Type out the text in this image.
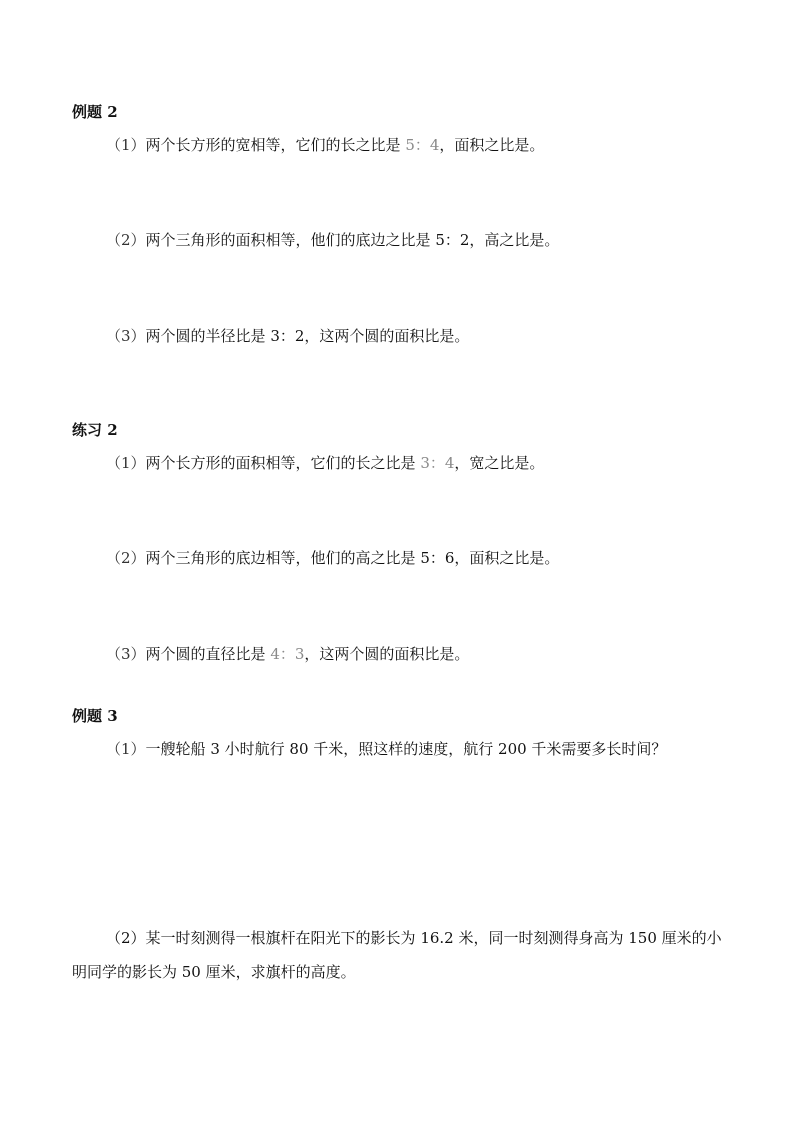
例题 2
（1）两个长方形的宽相等，它们的长之比是 5：4，面积之比是。
（2）两个三角形的面积相等，他们的底边之比是 5：2，高之比是。
（3）两个圆的半径比是 3：2，这两个圆的面积比是。
练习 2
（1）两个长方形的面积相等，它们的长之比是 3：4，宽之比是。
（2）两个三角形的底边相等，他们的高之比是 5：6，面积之比是。
（3）两个圆的直径比是 4：3，这两个圆的面积比是。
例题 3
（1）一艘轮船 3 小时航行 80 千米，照这样的速度，航行 200 千米需要多长时间？
（2）某一时刻测得一根旗杆在阳光下的影长为 16.2 米，同一时刻测得身高为 150 厘米的小明同学的影长为 50 厘米，求旗杆的高度。
